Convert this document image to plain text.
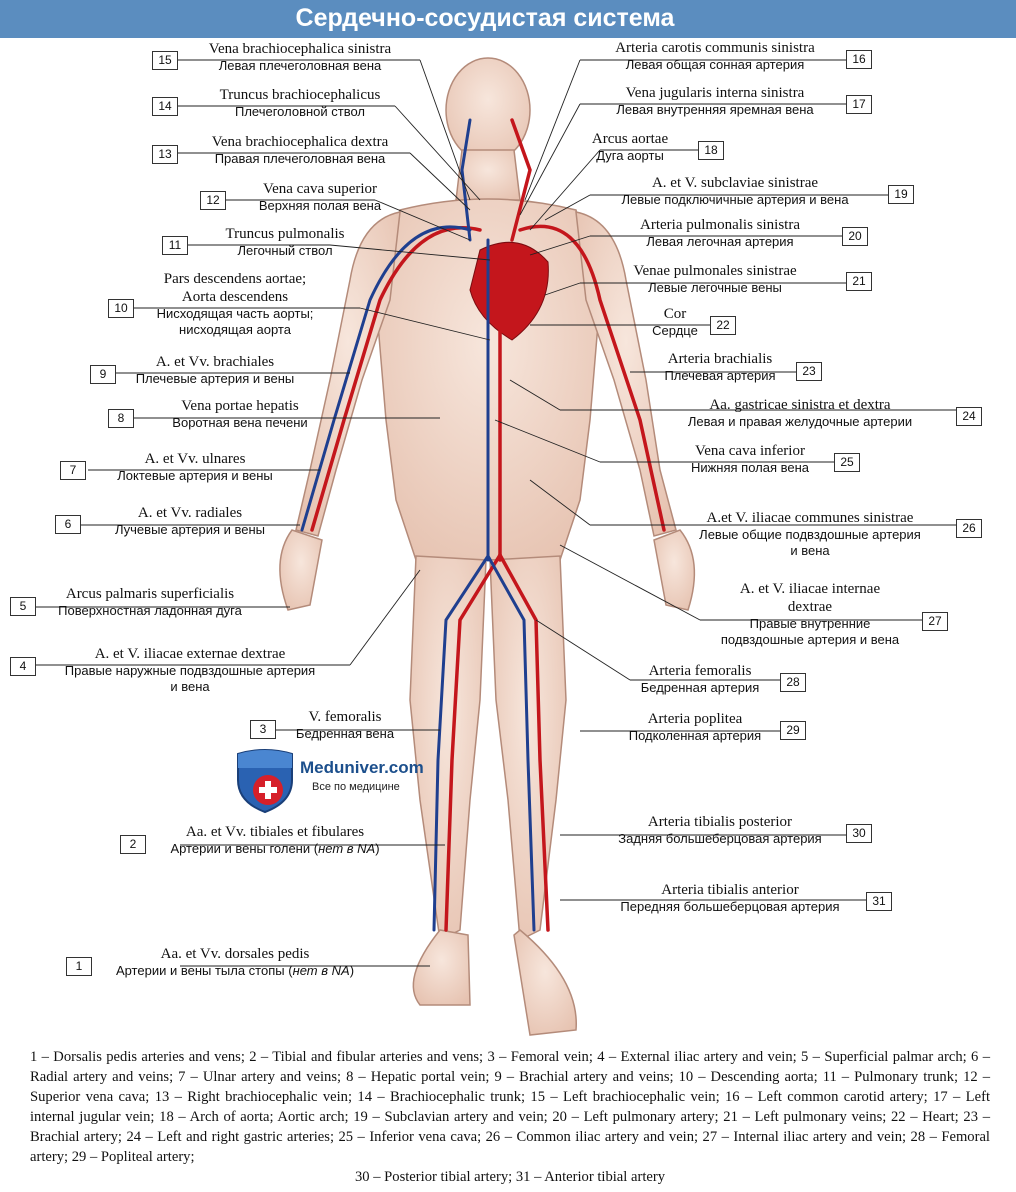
Сердечно-сосудистая система
Vena brachiocephalica sinistra
Левая плечеголовная вена
15
Truncus brachiocephalicus
Плечеголовной ствол
14
Vena brachiocephalica dextra
Правая плечеголовная вена
13
Vena cava superior
Верхняя полая вена
12
Truncus pulmonalis
Легочный ствол
11
Pars descendens aortae;
Aorta descendens
Нисходящая часть аорты;
нисходящая аорта
10
A. et Vv. brachiales
Плечевые артерия и вены
9
Vena portae hepatis
Воротная вена печени
8
A. et Vv. ulnares
Локтевые артерия и вены
7
A. et Vv. radiales
Лучевые артерия и вены
6
Arcus palmaris superficialis
Поверхностная ладонная дуга
5
A. et V. iliacae externae dextrae
Правые наружные подвздошные артерия
и вена
4
V. femoralis
Бедренная вена
3
Aa. et Vv. tibiales et fibulares
Артерии и вены голени (нет в NA)
2
Aa. et Vv. dorsales pedis
Артерии и вены тыла стопы (нет в NA)
1
Arteria carotis communis sinistra
Левая общая сонная артерия	16
Vena jugularis interna sinistra
Левая внутренняя яремная вена	17
Arcus aortae
Дуга аорты	18
A. et V. subclaviae sinistrae
Левые подключичные артерия и вена	19
Arteria pulmonalis sinistra
Левая легочная артерия	20
Venae pulmonales sinistrae
Левые легочные вены	21
Cor
Сердце	22
Arteria brachialis
Плечевая артерия	23
Aa. gastricae sinistra et dextra
Левая и правая желудочные артерии	24
Vena cava inferior
Нижняя полая вена	25
A.et V. iliacae communes sinistrae
Левые общие подвздошные артерия
и вена
26
A. et V. iliacae internae
dextrae
Правые внутренние
подвздошные артерия и вена
27
Arteria femoralis
Бедренная артерия	28
Arteria poplitea
Подколенная артерия	29
Arteria tibialis posterior
Задняя большеберцовая артерия	30
Arteria tibialis anterior
Передняя большеберцовая артерия	31
Meduniver.com
Все по медицине
1 – Dorsalis pedis arteries and vens; 2 – Tibial and fibular arteries and vens; 3 – Femoral vein; 4 – External iliac artery and vein; 5 – Superficial palmar arch; 6 – Radial artery and veins; 7 – Ulnar artery and veins; 8 – Hepatic portal vein; 9 – Brachial artery and veins; 10 – Descending aorta; 11 – Pulmonary trunk; 12 – Superior vena cava; 13 – Right brachiocephalic vein; 14 – Brachiocephalic trunk; 15 – Left brachiocephalic vein; 16 – Left common carotid artery; 17 – Left internal jugular vein; 18 – Arch of aorta; Aortic arch; 19 – Subclavian artery and vein; 20 – Left pulmonary artery; 21 – Left pulmonary veins; 22 – Heart; 23 – Brachial artery; 24 – Left and right gastric arteries; 25 – Inferior vena cava; 26 – Common iliac artery and vein; 27 – Internal iliac artery and vein; 28 – Femoral artery; 29 – Popliteal artery;
30 – Posterior tibial artery; 31 – Anterior tibial artery
